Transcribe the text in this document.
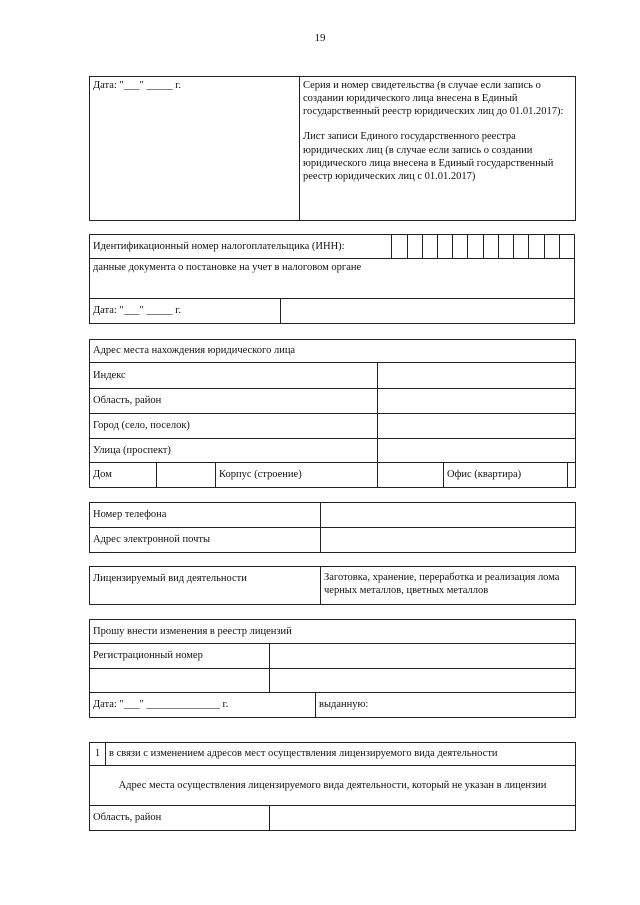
19
Дата: "___" _____ г.	Серия и номер свидетельства (в случае если запись о создании юридического лица внесена в Единый государственный реестр юридических лиц до 01.01.2017):
Лист записи Единого государственного реестра юридических лиц (в случае если запись о создании юридического лица внесена в Единый государственный реестр юридических лиц с 01.01.2017)
Идентификационный номер налогоплательщика (ИНН):													
данные документа о постановке на учет в налоговом органе													
Дата: "___" _____ г.													
Адрес места нахождения юридического лица					
Индекс					
Область, район					
Город (село, поселок)					
Улица (проспект)					
Дом		Корпус (строение)		Офис (квартира)	
Номер телефона	
Адрес электронной почты	
Лицензируемый вид деятельности	Заготовка, хранение, переработка и реализация лома черных металлов, цветных металлов
Прошу внести изменения в реестр лицензий		
Регистрационный номер		

Дата: "___" ______________ г.		выданную:
1	в связи с изменением адресов мест осуществления лицензируемого вида деятельности	
Адрес места осуществления лицензируемого вида деятельности, который не указан в лицензии		
Область, район		
